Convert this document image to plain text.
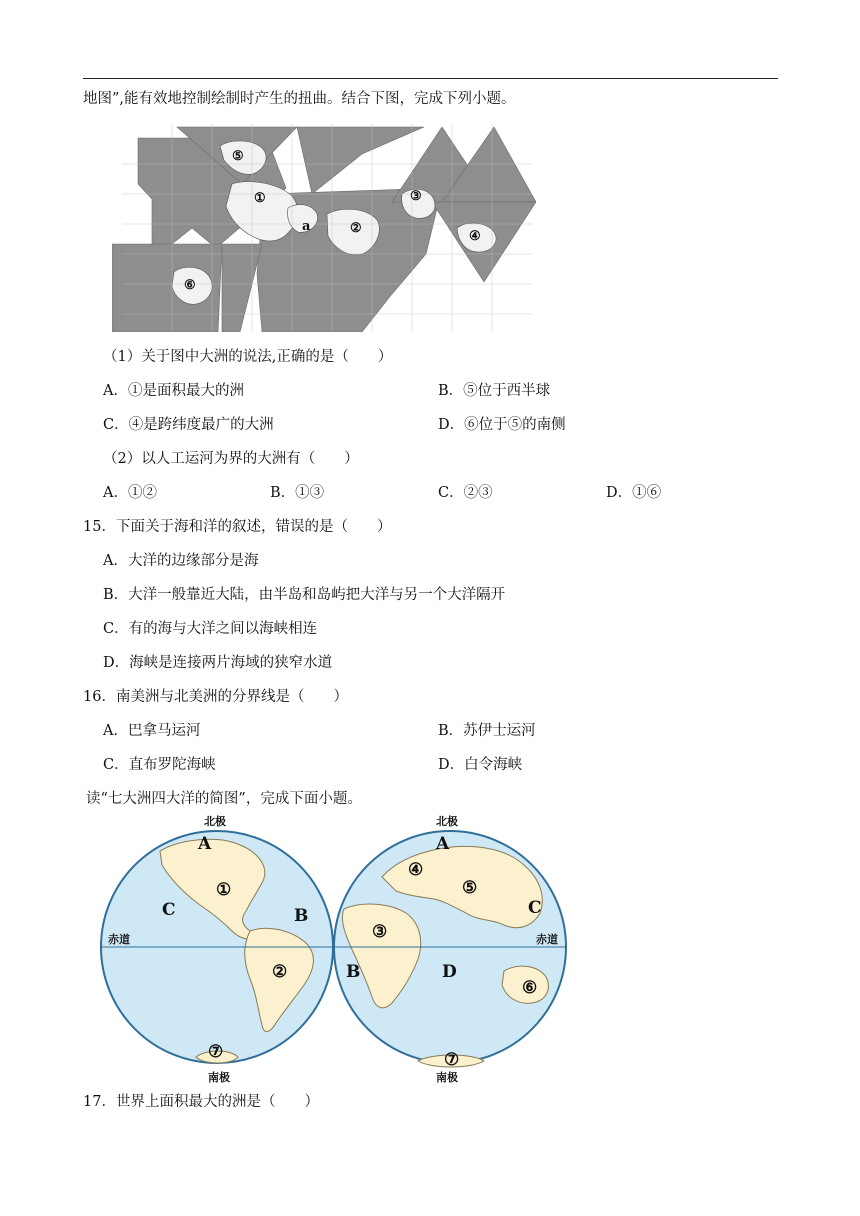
地图”,能有效地控制绘制时产生的扭曲。结合下图，完成下列小题。
⑤
①
a	②
③
④
⑥
（1）关于图中大洲的说法,正确的是（　　）
A．①是面积最大的洲	B．⑤位于西半球
C．④是跨纬度最广的大洲	D．⑥位于⑤的南侧
（2）以人工运河为界的大洲有（　　）
A．①②	B．①③	C．②③	D．①⑥
15．下面关于海和洋的叙述，错误的是（　　）
A．大洋的边缘部分是海
B．大洋一般靠近大陆，由半岛和岛屿把大洋与另一个大洋隔开
C．有的海与大洋之间以海峡相连
D．海峡是连接两片海域的狭窄水道
16．南美洲与北美洲的分界线是（　　）
A．巴拿马运河	B．苏伊士运河
C．直布罗陀海峡	D．白令海峡
读“七大洲四大洋的简图”，完成下面小题。
北极	北极
南极	南极
赤道	赤道
A
C	B
①
②
⑦
A
B
C
D
③
④
⑤
⑥
⑦
17．世界上面积最大的洲是（　　）
